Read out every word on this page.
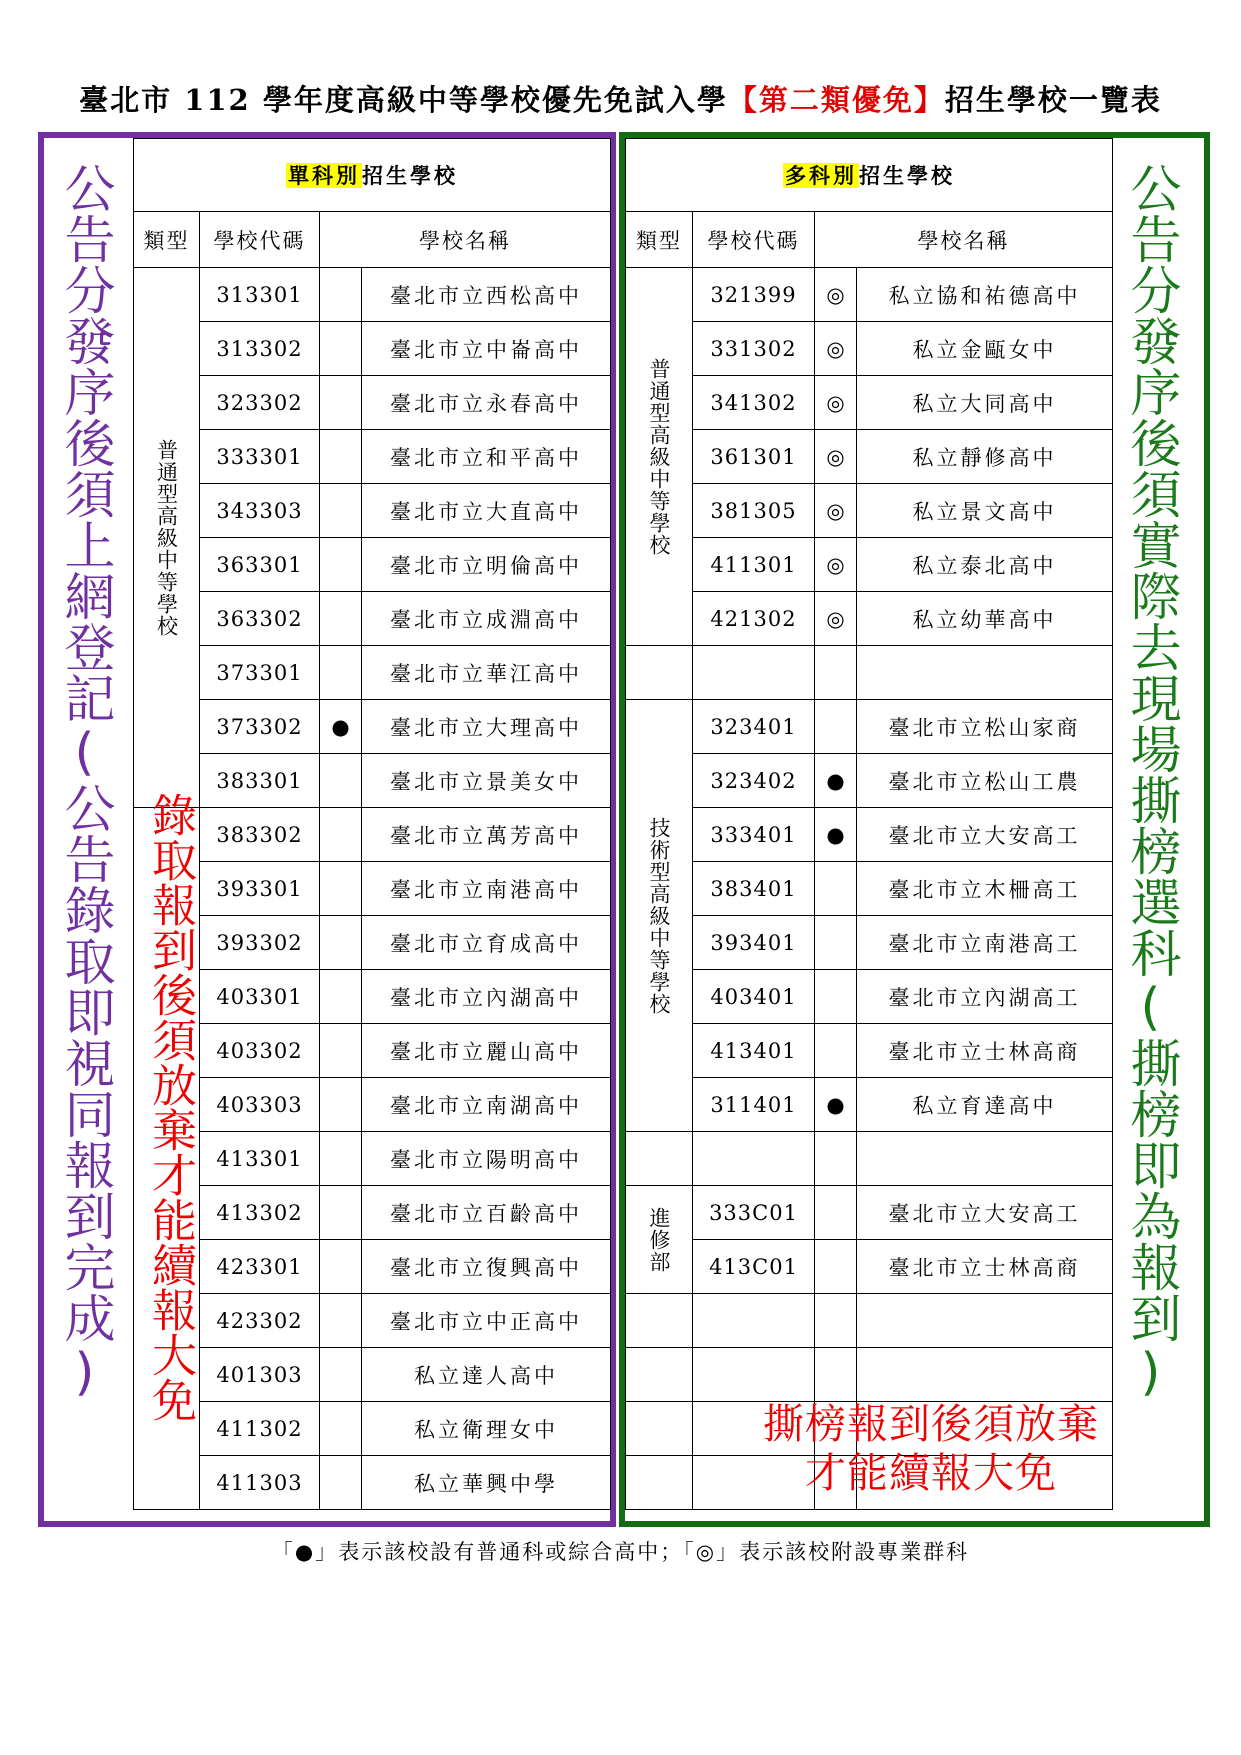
臺北市 112 學年度高級中等學校優先免試入學【第二類優免】招生學校一覽表
公告分發序後須上網登記(公告錄取即視同報到完成)	單科別招生學校			
類型	學校代碼	學校名稱	
普通型高級中等學校	313301		臺北市立西松高中
	313302		臺北市立中崙高中
	323302		臺北市立永春高中
	333301		臺北市立和平高中
	343303		臺北市立大直高中
	363301		臺北市立明倫高中
	363302		臺北市立成淵高中
	373301		臺北市立華江高中
	373302	●	臺北市立大理高中
	383301		臺北市立景美女中
	383302		臺北市立萬芳高中
	393301		臺北市立南港高中
	393302		臺北市立育成高中
	403301		臺北市立內湖高中
	403302		臺北市立麗山高中
	403303		臺北市立南湖高中
	413301		臺北市立陽明高中
	413302		臺北市立百齡高中
	423301		臺北市立復興高中
	423302		臺北市立中正高中
	401303		私立達人高中
	411302		私立衛理女中
	411303		私立華興中學
錄取報到後須放棄才能續報大免	公告分發序後須實際去現場撕榜選科(撕榜即為報到)
多科別招生學校			
類型	學校代碼	學校名稱	
普通型高級中等學校	321399	◎	私立協和祐德高中
	331302	◎	私立金甌女中
	341302	◎	私立大同高中
	361301	◎	私立靜修高中
	381305	◎	私立景文高中
	411301	◎	私立泰北高中
	421302	◎	私立幼華高中

技術型高級中等學校	323401		臺北市立松山家商
	323402	●	臺北市立松山工農
	333401	●	臺北市立大安高工
	383401		臺北市立木柵高工
	393401		臺北市立南港高工
	403401		臺北市立內湖高工
	413401		臺北市立士林高商
	311401	●	私立育達高中

進修部	333C01		臺北市立大安高工
	413C01		臺北市立士林高商

撕榜報到後須放棄才能續報大免
「●」表示該校設有普通科或綜合高中；「◎」表示該校附設專業群科
